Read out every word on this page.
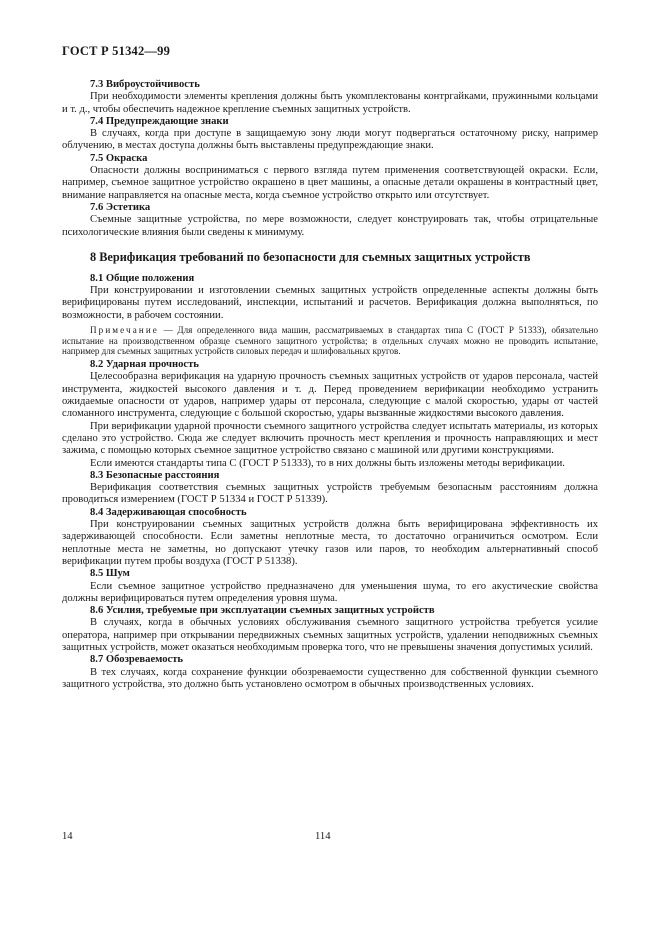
ГОСТ Р 51342—99

7.3 Виброустойчивость

При необходимости элементы крепления должны быть укомплектованы контргайками, пружинными кольцами и т. д., чтобы обеспечить надежное крепление съемных защитных устройств.

7.4 Предупреждающие знаки

В случаях, когда при доступе в защищаемую зону люди могут подвергаться остаточному риску, например облучению, в местах доступа должны быть выставлены предупреждающие знаки.

7.5 Окраска

Опасности должны восприниматься с первого взгляда путем применения соответствующей окраски. Если, например, съемное защитное устройство окрашено в цвет машины, а опасные детали окрашены в контрастный цвет, внимание направляется на опасные места, когда съемное устройство открыто или отсутствует.

7.6 Эстетика

Съемные защитные устройства, по мере возможности, следует конструировать так, чтобы отрицательные психологические влияния были сведены к минимуму.

8 Верификация требований по безопасности для съемных защитных устройств

8.1 Общие положения

При конструировании и изготовлении съемных защитных устройств определенные аспекты должны быть верифицированы путем исследований, инспекции, испытаний и расчетов. Верификация должна выполняться, по возможности, в рабочем состоянии.

Примечание — Для определенного вида машин, рассматриваемых в стандартах типа С (ГОСТ Р 51333), обязательно испытание на производственном образце съемного защитного устройства; в отдельных случаях можно не проводить испытание, например для съемных защитных устройств силовых передач и шлифовальных кругов.

8.2 Ударная прочность

Целесообразна верификация на ударную прочность съемных защитных устройств от ударов персонала, частей инструмента, жидкостей высокого давления и т. д. Перед проведением верификации необходимо устранить ожидаемые опасности от ударов, например удары от персонала, следующие с малой скоростью, удары от частей сломанного инструмента, следующие с большой скоростью, удары вызванные жидкостями высокого давления.

При верификации ударной прочности съемного защитного устройства следует испытать материалы, из которых сделано это устройство. Сюда же следует включить прочность мест крепления и прочность направляющих и мест зажима, с помощью которых съемное защитное устройство связано с машиной или другими конструкциями.

Если имеются стандарты типа С (ГОСТ Р 51333), то в них должны быть изложены методы верификации.

8.3 Безопасные расстояния

Верификация соответствия съемных защитных устройств требуемым безопасным расстояниям должна проводиться измерением (ГОСТ Р 51334 и ГОСТ Р 51339).

8.4 Задерживающая способность

При конструировании съемных защитных устройств должна быть верифицирована эффективность их задерживающей способности. Если заметны неплотные места, то достаточно ограничиться осмотром. Если неплотные места не заметны, но допускают утечку газов или паров, то необходим альтернативный способ верификации путем пробы воздуха (ГОСТ Р 51338).

8.5 Шум

Если съемное защитное устройство предназначено для уменьшения шума, то его акустические свойства должны верифицироваться путем определения уровня шума.

8.6 Усилия, требуемые при эксплуатации съемных защитных устройств

В случаях, когда в обычных условиях обслуживания съемного защитного устройства требуется усилие оператора, например при открывании передвижных съемных защитных устройств, удалении неподвижных съемных защитных устройств, может оказаться необходимым проверка того, что не превышены значения допустимых усилий.

8.7 Обозреваемость

В тех случаях, когда сохранение функции обозреваемости существенно для собственной функции съемного защитного устройства, это должно быть установлено осмотром в обычных производственных условиях.

14	114
